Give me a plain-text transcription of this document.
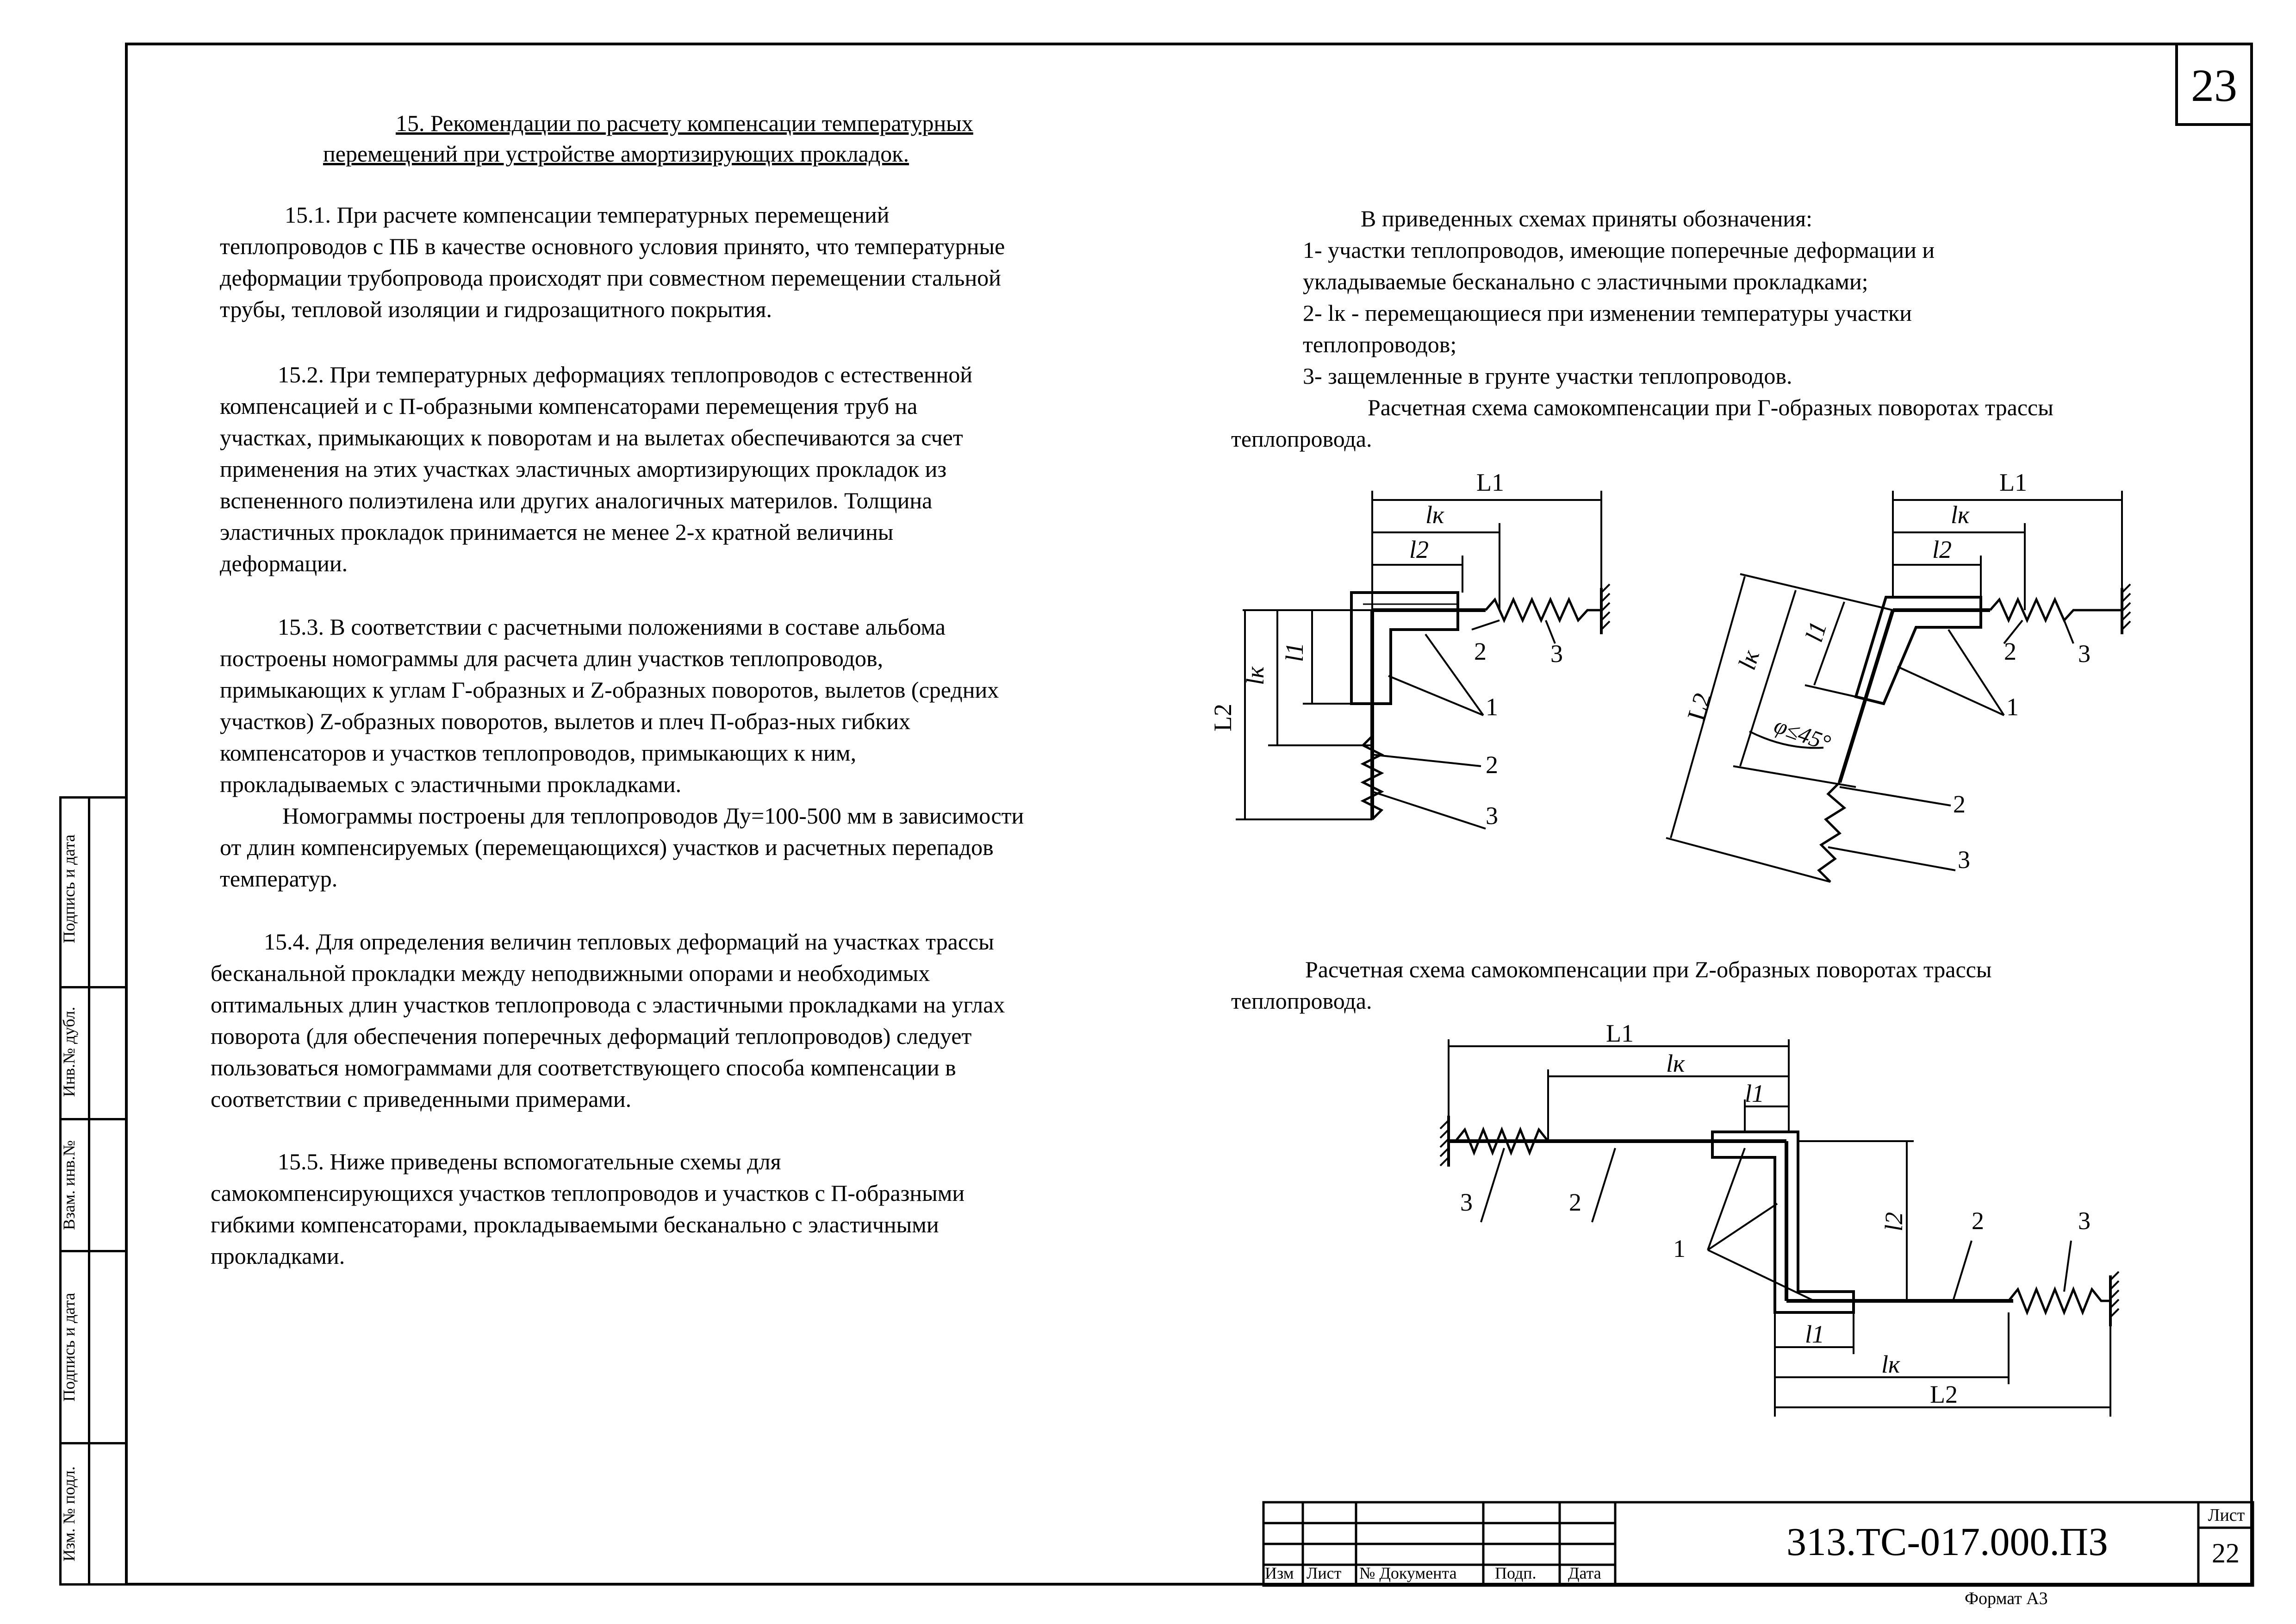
23
Подпись и дата
Инв.№ дубл.
Взам. инв.№
Подпись и дата
Изм. № подл.
15. Рекомендации по расчету компенсации температурных
перемещений при устройстве амортизирующих прокладок.
15.1. При расчете компенсации температурных перемещений
теплопроводов с ПБ в качестве основного условия принято, что температурные
деформации трубопровода происходят при совместном перемещении стальной
трубы, тепловой изоляции и гидрозащитного покрытия.
15.2. При температурных деформациях теплопроводов с естественной
компенсацией и с П-образными компенсаторами перемещения труб на
участках, примыкающих к поворотам и на вылетах обеспечиваются за счет
применения на этих участках эластичных амортизирующих прокладок из
вспененного полиэтилена или других аналогичных материлов. Толщина
эластичных прокладок принимается не менее 2-х кратной величины
деформации.
15.3. В соответствии с расчетными положениями в составе альбома
построены номограммы для расчета длин участков теплопроводов,
примыкающих к углам Г-образных и Z-образных поворотов, вылетов (средних
участков) Z-образных поворотов, вылетов и плеч П-образ-ных гибких
компенсаторов и участков теплопроводов, примыкающих к ним,
прокладываемых с эластичными прокладками.
Номограммы построены для теплопроводов Ду=100-500 мм в зависимости
от длин компенсируемых (перемещающихся) участков и расчетных перепадов
температур.
15.4. Для определения величин тепловых деформаций на участках трассы
бесканальной прокладки между неподвижными опорами и необходимых
оптимальных длин участков теплопровода с эластичными прокладками на углах
поворота (для обеспечения поперечных деформаций теплопроводов) следует
пользоваться номограммами для соответствующего способа компенсации в
соответствии с приведенными примерами.
15.5. Ниже приведены вспомогательные схемы для
самокомпенсирующихся участков теплопроводов и участков с П-образными
гибкими компенсаторами, прокладываемыми бесканально с эластичными
прокладками.
В приведенных схемах приняты обозначения:
1- участки теплопроводов, имеющие поперечные деформации и
укладываемые бесканально с эластичными прокладками;
2- lк - перемещающиеся при изменении температуры участки
теплопроводов;
3- защемленные в грунте участки теплопроводов.
Расчетная схема самокомпенсации при Г-образных поворотах трассы
теплопровода.
Расчетная схема самокомпенсации при Z-образных поворотах трассы
теплопровода.
L1
lк
l2
2	3
1
2
3
L2
lк
l1
L1
lк
l2
2 3
1
2
3
L2
lк
l1
φ≤45°
L1
lк
l1
3	2
1
2	3
l2
l1
lк
L2
Изм Лист № Документа Подп. Дата
313.ТС-017.000.ПЗ
Лист
22
Формат А3
